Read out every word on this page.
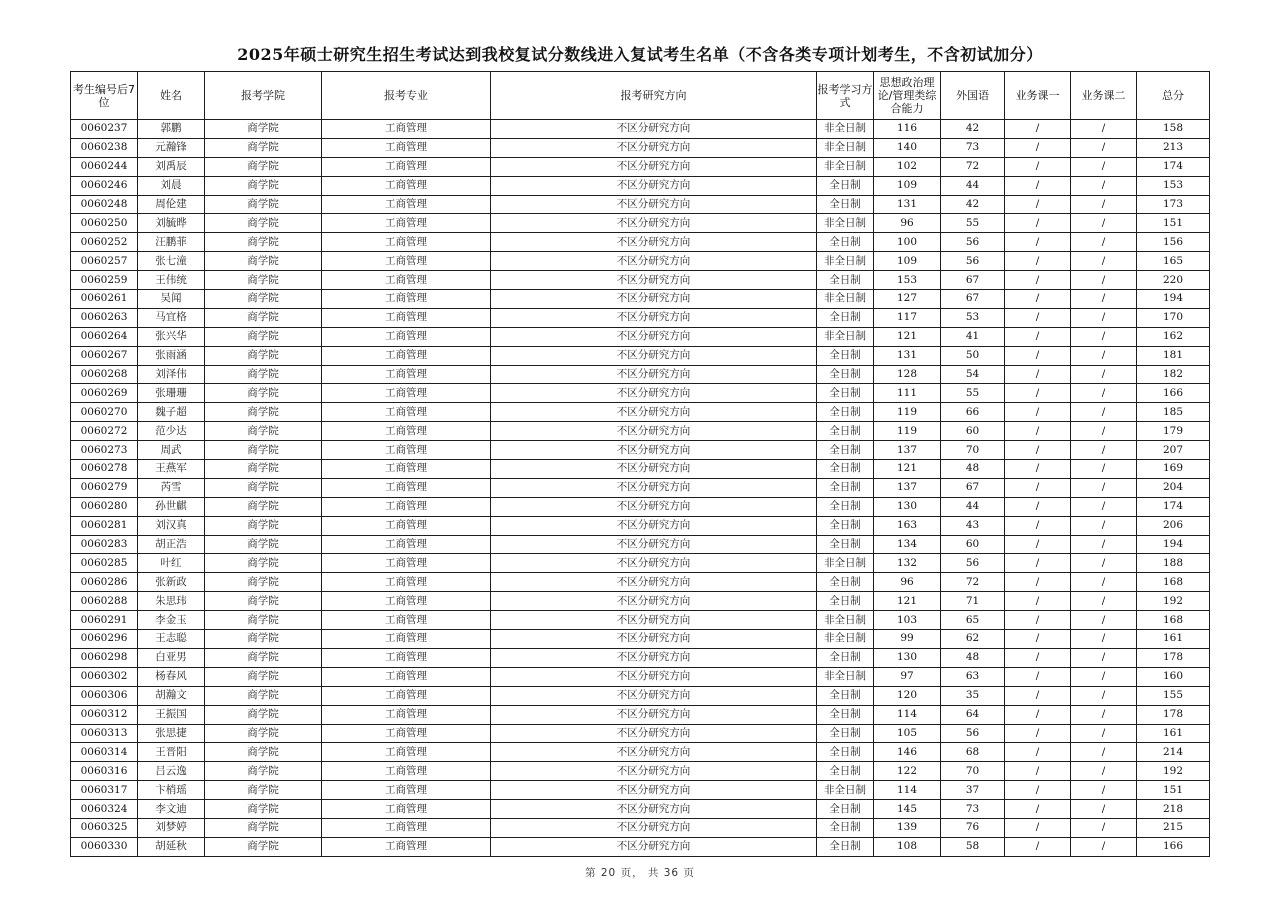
2025年硕士研究生招生考试达到我校复试分数线进入复试考生名单（不含各类专项计划考生，不含初试加分）
考生编号后7位	姓名	报考学院	报考专业	报考研究方向	报考学习方式	思想政治理论/管理类综合能力	外国语	业务课一	业务课二	总分
0060237	郭鹏	商学院	工商管理	不区分研究方向	非全日制	116	42	/	/	158
0060238	元瀚锋	商学院	工商管理	不区分研究方向	非全日制	140	73	/	/	213
0060244	刘禹辰	商学院	工商管理	不区分研究方向	非全日制	102	72	/	/	174
0060246	刘晨	商学院	工商管理	不区分研究方向	全日制	109	44	/	/	153
0060248	周伦建	商学院	工商管理	不区分研究方向	全日制	131	42	/	/	173
0060250	刘毓晔	商学院	工商管理	不区分研究方向	非全日制	96	55	/	/	151
0060252	汪鹏菲	商学院	工商管理	不区分研究方向	全日制	100	56	/	/	156
0060257	张七潼	商学院	工商管理	不区分研究方向	非全日制	109	56	/	/	165
0060259	王伟统	商学院	工商管理	不区分研究方向	全日制	153	67	/	/	220
0060261	吴闻	商学院	工商管理	不区分研究方向	非全日制	127	67	/	/	194
0060263	马宜格	商学院	工商管理	不区分研究方向	全日制	117	53	/	/	170
0060264	张兴华	商学院	工商管理	不区分研究方向	非全日制	121	41	/	/	162
0060267	张雨涵	商学院	工商管理	不区分研究方向	全日制	131	50	/	/	181
0060268	刘泽伟	商学院	工商管理	不区分研究方向	全日制	128	54	/	/	182
0060269	张珊珊	商学院	工商管理	不区分研究方向	全日制	111	55	/	/	166
0060270	魏子超	商学院	工商管理	不区分研究方向	全日制	119	66	/	/	185
0060272	范少达	商学院	工商管理	不区分研究方向	全日制	119	60	/	/	179
0060273	周武	商学院	工商管理	不区分研究方向	全日制	137	70	/	/	207
0060278	王燕军	商学院	工商管理	不区分研究方向	全日制	121	48	/	/	169
0060279	芮雪	商学院	工商管理	不区分研究方向	全日制	137	67	/	/	204
0060280	孙世麒	商学院	工商管理	不区分研究方向	全日制	130	44	/	/	174
0060281	刘汉真	商学院	工商管理	不区分研究方向	全日制	163	43	/	/	206
0060283	胡正浩	商学院	工商管理	不区分研究方向	全日制	134	60	/	/	194
0060285	叶红	商学院	工商管理	不区分研究方向	非全日制	132	56	/	/	188
0060286	张新政	商学院	工商管理	不区分研究方向	全日制	96	72	/	/	168
0060288	朱思玮	商学院	工商管理	不区分研究方向	全日制	121	71	/	/	192
0060291	李金玉	商学院	工商管理	不区分研究方向	非全日制	103	65	/	/	168
0060296	王志聪	商学院	工商管理	不区分研究方向	非全日制	99	62	/	/	161
0060298	白亚男	商学院	工商管理	不区分研究方向	全日制	130	48	/	/	178
0060302	杨春风	商学院	工商管理	不区分研究方向	非全日制	97	63	/	/	160
0060306	胡瀚文	商学院	工商管理	不区分研究方向	全日制	120	35	/	/	155
0060312	王振国	商学院	工商管理	不区分研究方向	全日制	114	64	/	/	178
0060313	张思捷	商学院	工商管理	不区分研究方向	全日制	105	56	/	/	161
0060314	王晋阳	商学院	工商管理	不区分研究方向	全日制	146	68	/	/	214
0060316	吕云逸	商学院	工商管理	不区分研究方向	全日制	122	70	/	/	192
0060317	卞梢瑶	商学院	工商管理	不区分研究方向	非全日制	114	37	/	/	151
0060324	李文迪	商学院	工商管理	不区分研究方向	全日制	145	73	/	/	218
0060325	刘梦婷	商学院	工商管理	不区分研究方向	全日制	139	76	/	/	215
0060330	胡延秋	商学院	工商管理	不区分研究方向	全日制	108	58	/	/	166
第 20 页， 共 36 页
